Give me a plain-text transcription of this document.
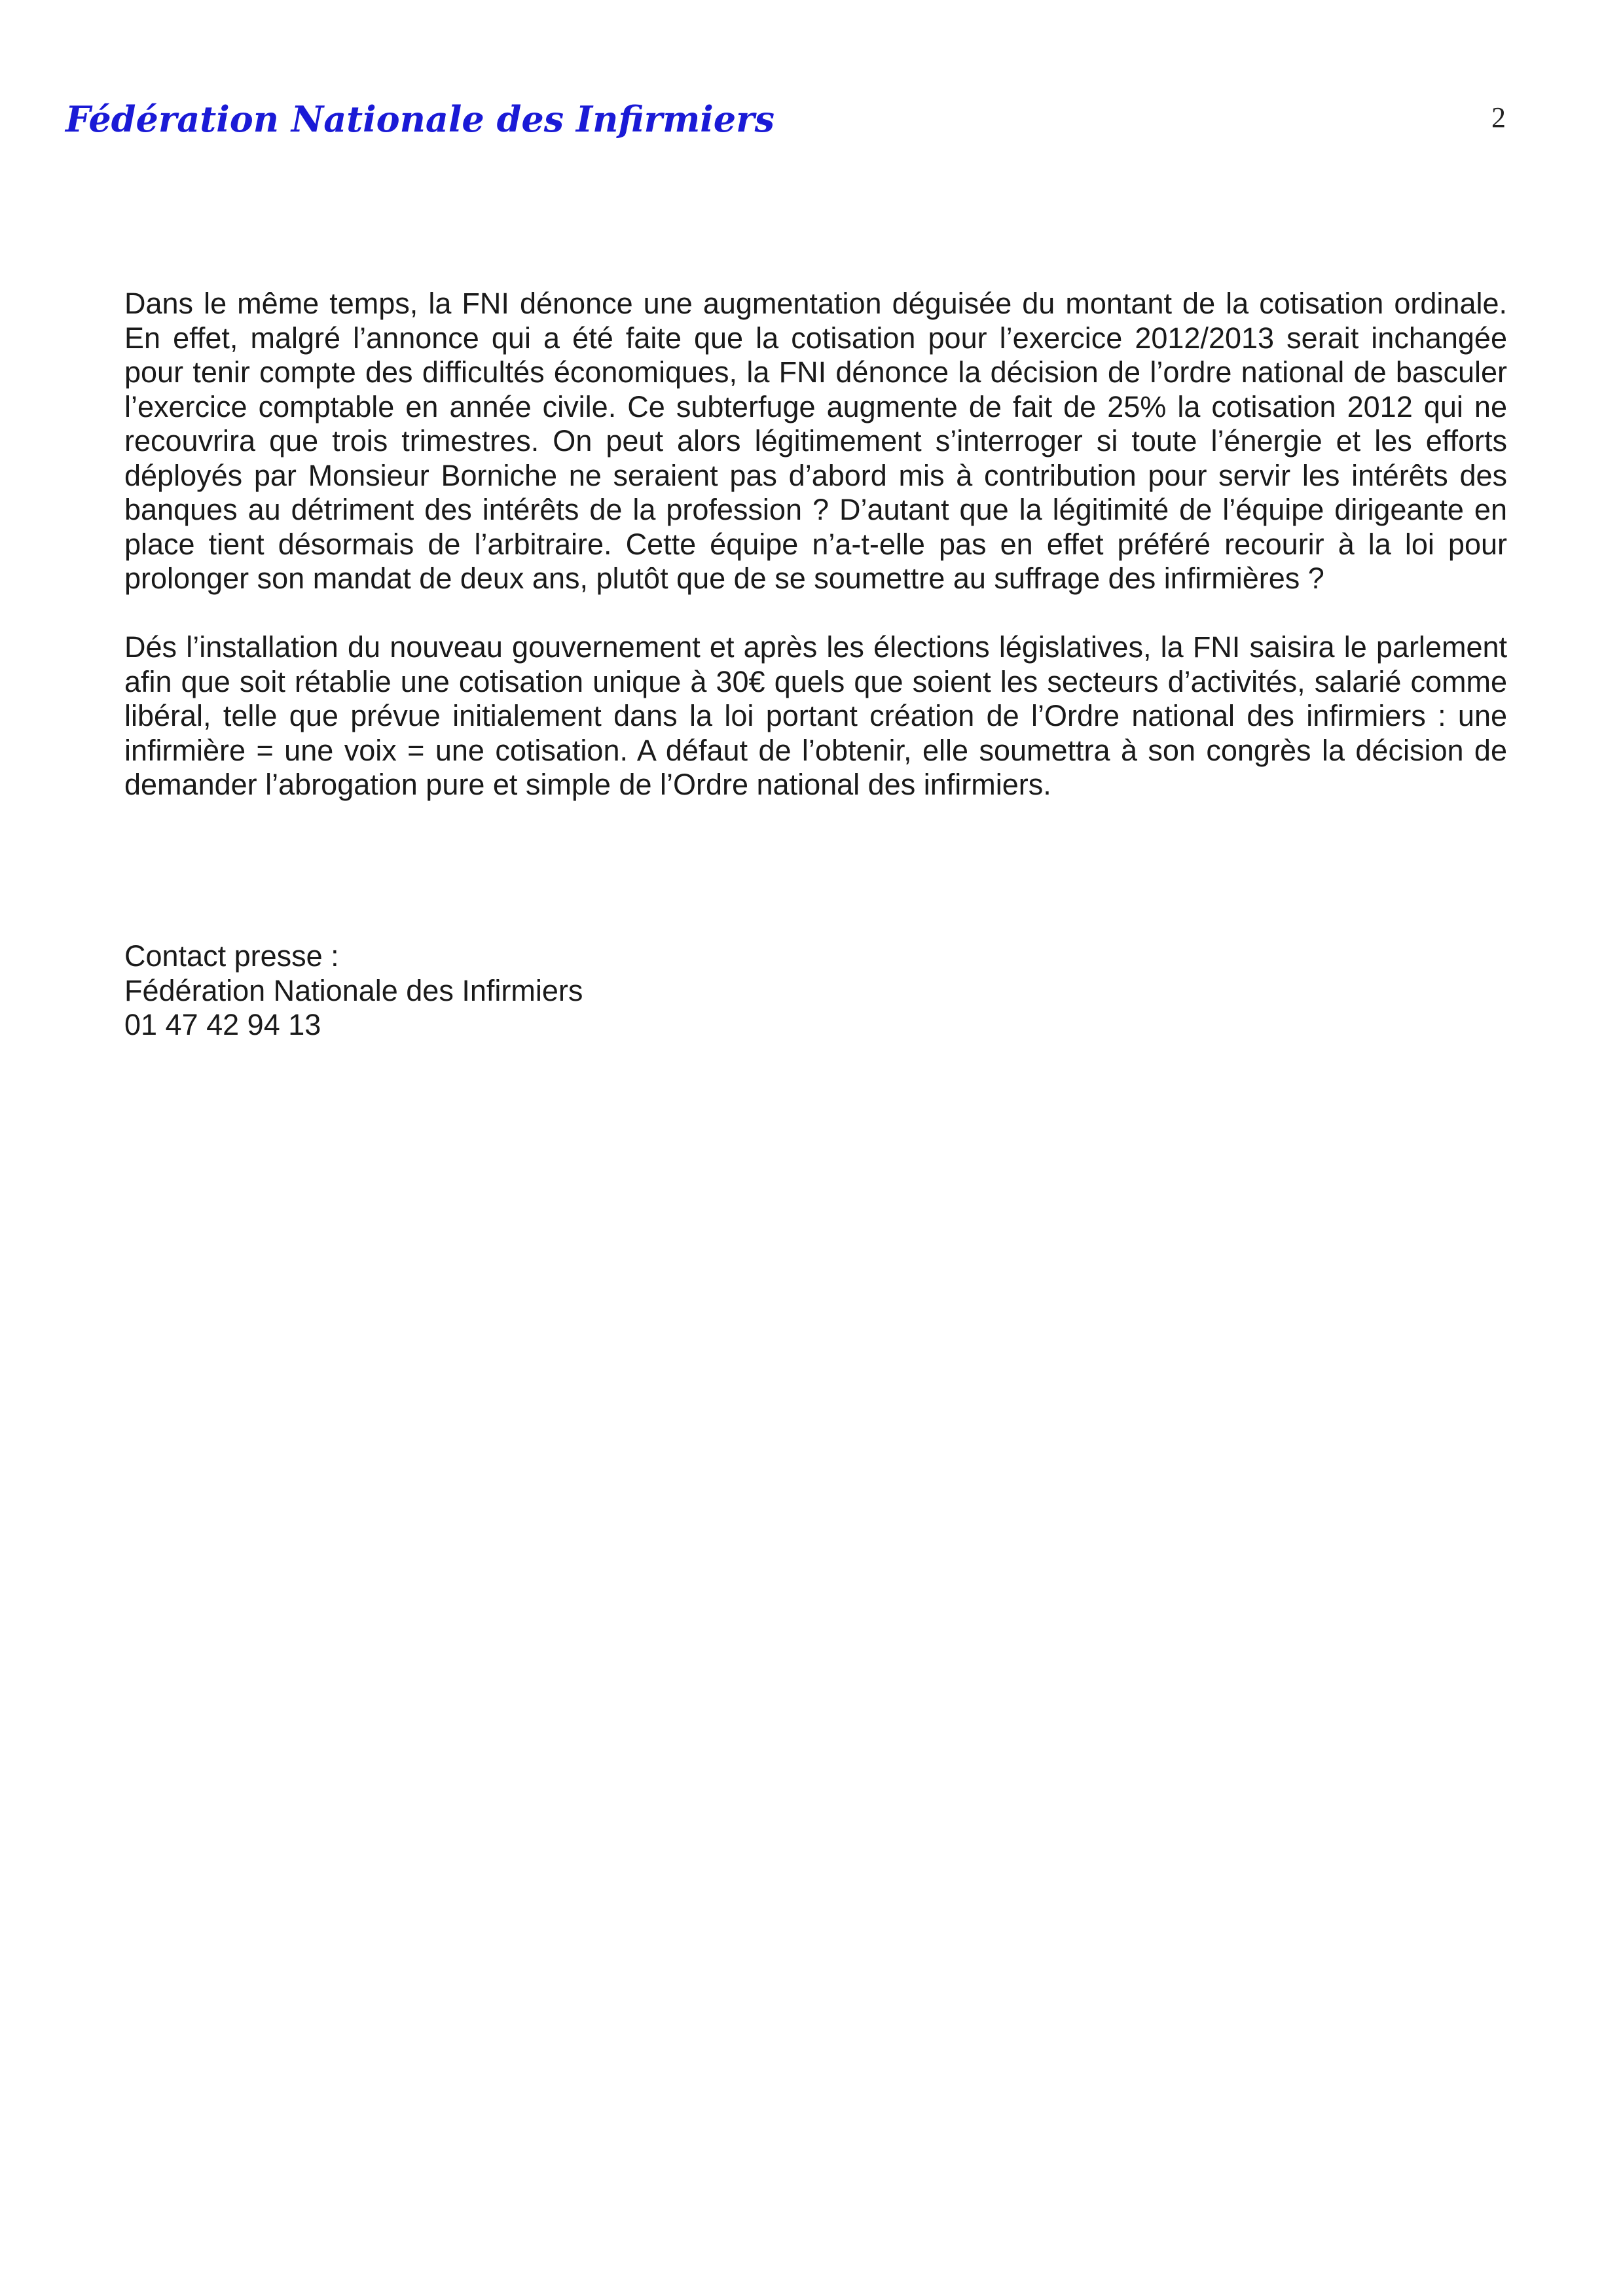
Fédération Nationale des Infirmiers	2

Dans le même temps, la FNI dénonce une augmentation déguisée du montant de la cotisation ordinale. En effet, malgré l’annonce qui a été faite que la cotisation pour l’exercice 2012/2013 serait inchangée pour tenir compte des difficultés économiques, la FNI dénonce la décision de l’ordre national de basculer l’exercice comptable en année civile. Ce subterfuge augmente de fait de 25% la cotisation 2012 qui ne recouvrira que trois trimestres. On peut alors légitimement s’interroger si toute l’énergie et les efforts déployés par Monsieur Borniche ne seraient pas d’abord mis à contribution pour servir les intérêts des banques au détriment des intérêts de la profession ? D’autant que la légitimité de l’équipe dirigeante en place tient désormais de l’arbitraire. Cette équipe n’a-t-elle pas en effet préféré recourir à la loi pour prolonger son mandat de deux ans, plutôt que de se soumettre au suffrage des infirmières ?

Dés l’installation du nouveau gouvernement et après les élections législatives, la FNI saisira le parlement afin que soit rétablie une cotisation unique à 30€ quels que soient les secteurs d’activités, salarié comme libéral, telle que prévue initialement dans la loi portant création de l’Ordre national des infirmiers : une infirmière = une voix = une cotisation. A défaut de l’obtenir, elle soumettra à son congrès la décision de demander l’abrogation pure et simple de l’Ordre national des infirmiers.

Contact presse :
Fédération Nationale des Infirmiers
01 47 42 94 13
